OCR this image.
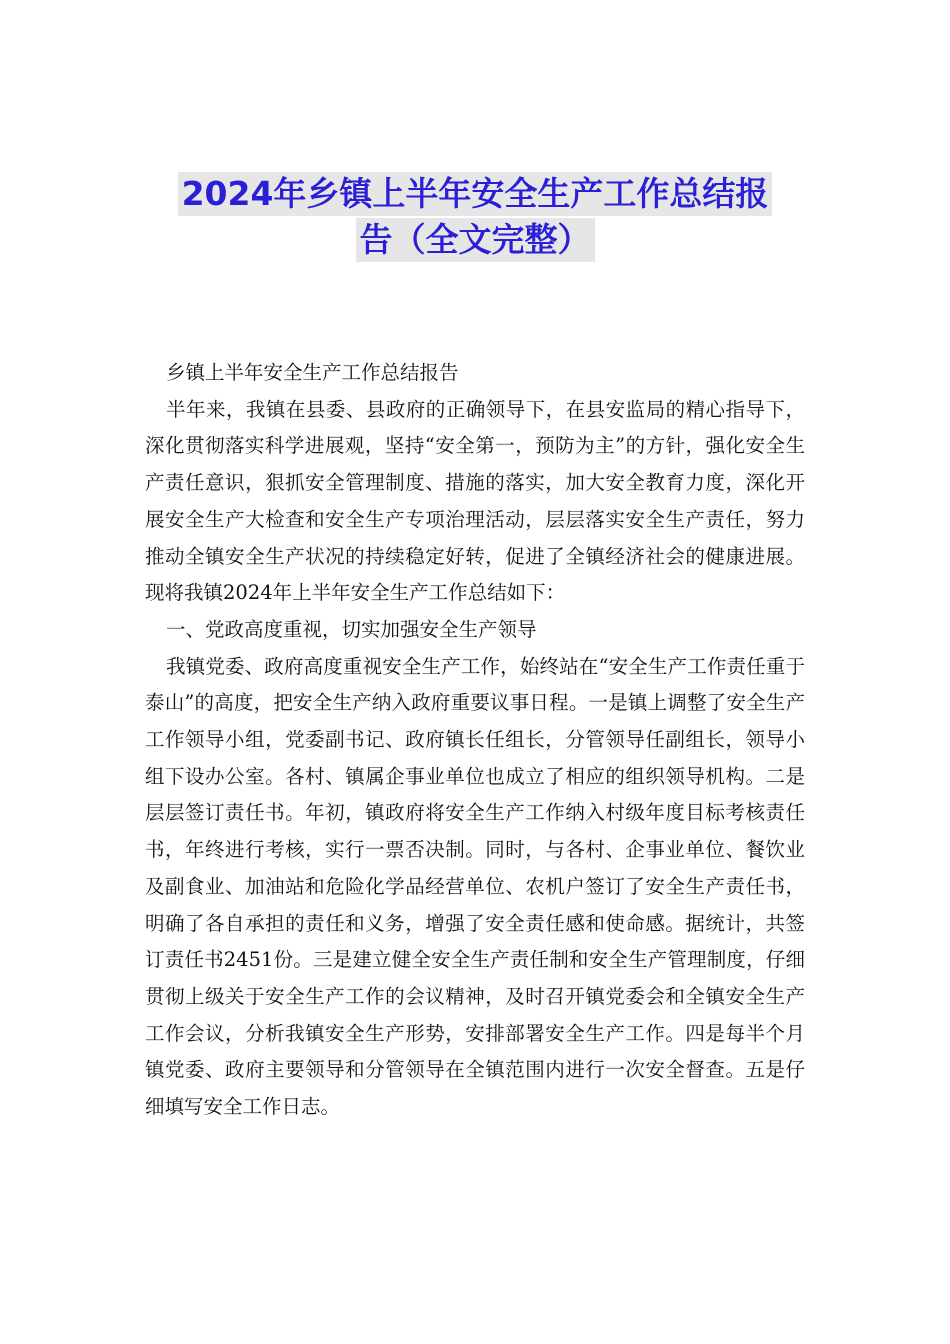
2024年乡镇上半年安全生产工作总结报
告（全文完整）

乡镇上半年安全生产工作总结报告

半年来，我镇在县委、县政府的正确领导下，在县安监局的精心指导下，深化贯彻落实科学进展观，坚持“安全第一，预防为主”的方针，强化安全生产责任意识，狠抓安全管理制度、措施的落实，加大安全教育力度，深化开展安全生产大检查和安全生产专项治理活动，层层落实安全生产责任，努力推动全镇安全生产状况的持续稳定好转，促进了全镇经济社会的健康进展。现将我镇2024年上半年安全生产工作总结如下：

一、党政高度重视，切实加强安全生产领导

我镇党委、政府高度重视安全生产工作，始终站在“安全生产工作责任重于泰山”的高度，把安全生产纳入政府重要议事日程。一是镇上调整了安全生产工作领导小组，党委副书记、政府镇长任组长，分管领导任副组长，领导小组下设办公室。各村、镇属企事业单位也成立了相应的组织领导机构。二是层层签订责任书。年初，镇政府将安全生产工作纳入村级年度目标考核责任书，年终进行考核，实行一票否决制。同时，与各村、企事业单位、餐饮业及副食业、加油站和危险化学品经营单位、农机户签订了安全生产责任书，明确了各自承担的责任和义务，增强了安全责任感和使命感。据统计，共签订责任书2451份。三是建立健全安全生产责任制和安全生产管理制度，仔细贯彻上级关于安全生产工作的会议精神，及时召开镇党委会和全镇安全生产工作会议，分析我镇安全生产形势，安排部署安全生产工作。四是每半个月镇党委、政府主要领导和分管领导在全镇范围内进行一次安全督查。五是仔细填写安全工作日志。
